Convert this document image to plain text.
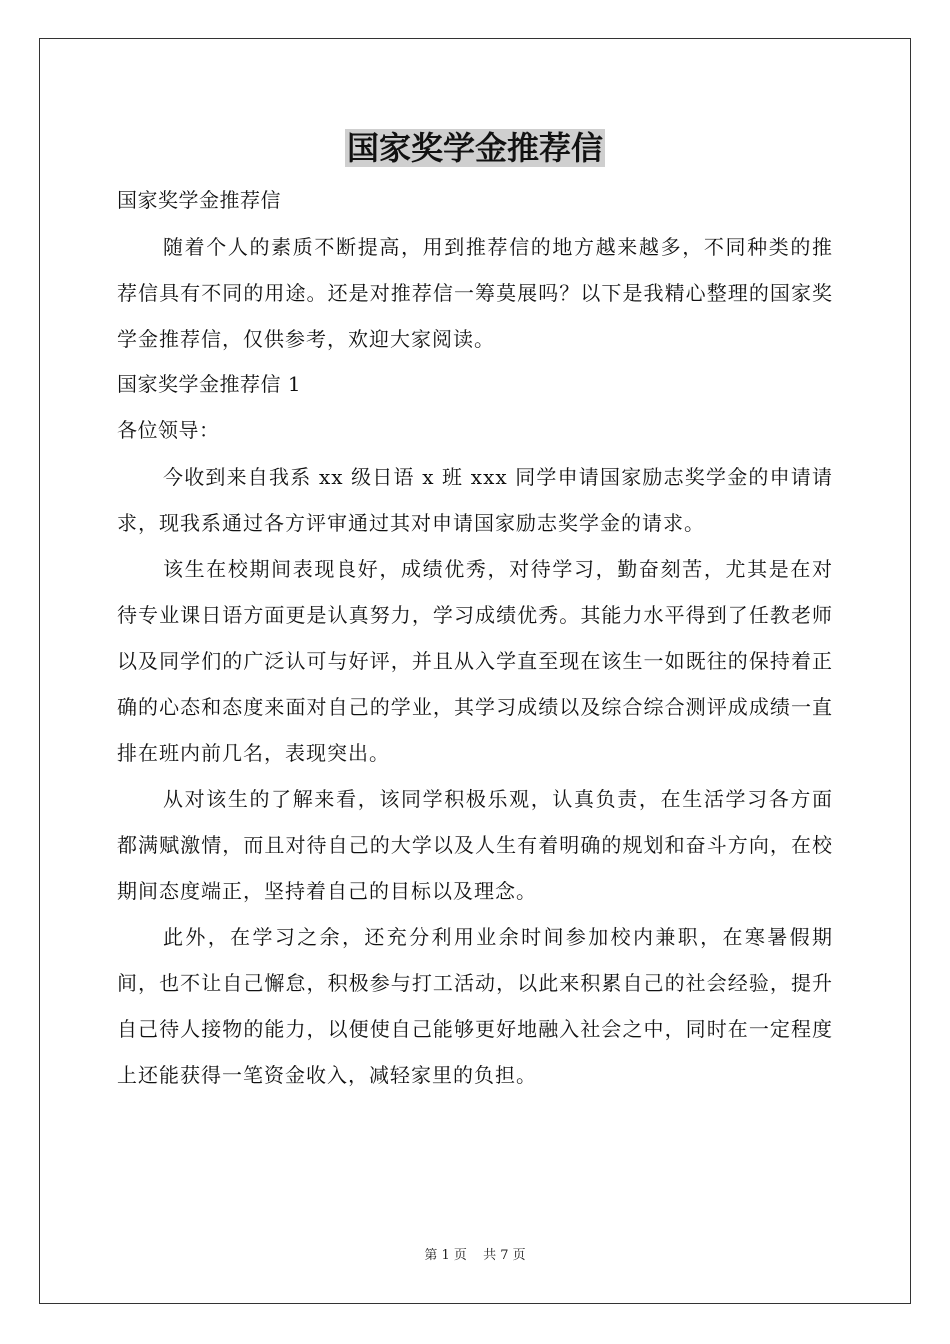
国家奖学金推荐信

国家奖学金推荐信

随着个人的素质不断提高，用到推荐信的地方越来越多，不同种类的推荐信具有不同的用途。还是对推荐信一筹莫展吗？以下是我精心整理的国家奖学金推荐信，仅供参考，欢迎大家阅读。

国家奖学金推荐信 1

各位领导：

今收到来自我系 xx 级日语 x 班 xxx 同学申请国家励志奖学金的申请请求，现我系通过各方评审通过其对申请国家励志奖学金的请求。

该生在校期间表现良好，成绩优秀，对待学习，勤奋刻苦，尤其是在对待专业课日语方面更是认真努力，学习成绩优秀。其能力水平得到了任教老师以及同学们的广泛认可与好评，并且从入学直至现在该生一如既往的保持着正确的心态和态度来面对自己的学业，其学习成绩以及综合综合测评成成绩一直排在班内前几名，表现突出。

从对该生的了解来看，该同学积极乐观，认真负责，在生活学习各方面都满赋激情，而且对待自己的大学以及人生有着明确的规划和奋斗方向，在校期间态度端正，坚持着自己的目标以及理念。

此外，在学习之余，还充分利用业余时间参加校内兼职，在寒暑假期间，也不让自己懈怠，积极参与打工活动，以此来积累自己的社会经验，提升自己待人接物的能力，以便使自己能够更好地融入社会之中，同时在一定程度上还能获得一笔资金收入，减轻家里的负担。

第 1 页 共 7 页
